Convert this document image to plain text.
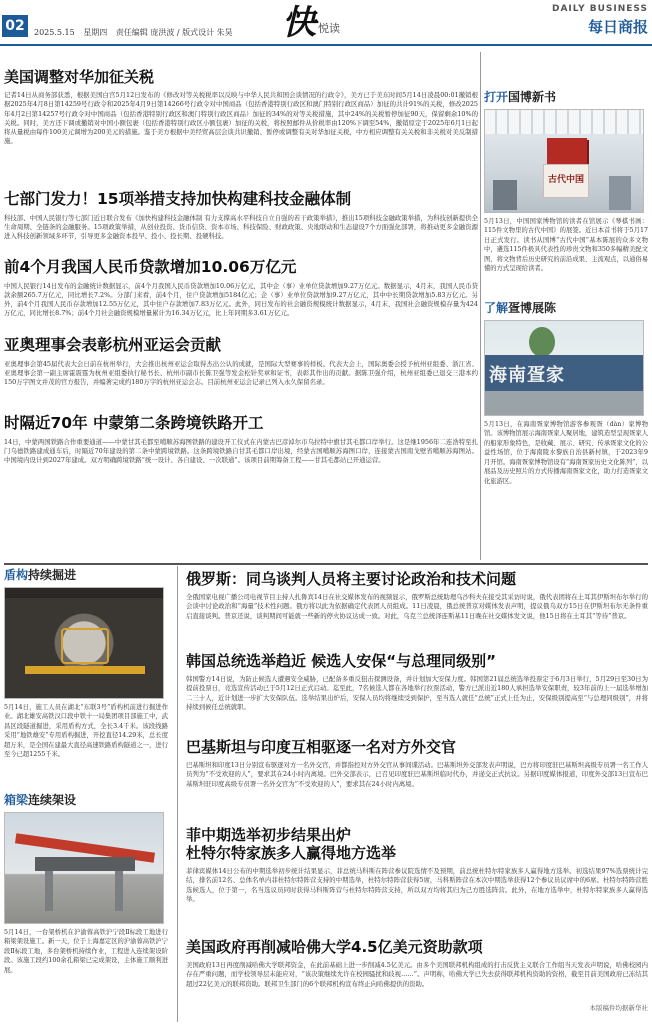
02	2025.5.15 星期四 责任编辑 庞洪波 / 版式设计 朱昊 快 悦读
DAILY BUSINESS
每日商报
美国调整对华加征关税

记者14日从商务部获悉，根据美国白宫5月12日发布的《修改对等关税税率以反映与中华人民共和国会谈情况的行政令》，美方已于美东时间5月14日凌晨00:01撤销根据2025年4月8日第14259号行政令和2025年4月9日第14266号行政令对中国商品（包括香港特别行政区和澳门特别行政区商品）加征的共计91%的关税，修改2025年4月2日第14257号行政令对中国商品（包括香港特别行政区和澳门特别行政区商品）加征的34%的对等关税措施，其中24%的关税暂停加征90天，保留剩余10%的关税。同时，美方还下调或撤销对中国小额包裹（包括香港特别行政区小额包裹）加征的关税，将按照邮件从价税率由120%下调至54%，撤销原定于2025年6月1日起将从量税由每件100美元调增为200美元的措施。鉴于美方根据中美经贸高层会谈共识撤销、暂停或调整有关对华加征关税，中方相应调整有关关税和非关税对美反制措施。

七部门发力！15项举措支持加快构建科技金融体制

科技部、中国人民银行等七部门近日联合发布《加快构建科技金融体制 有力支撑高水平科技自立自强的若干政策举措》，推出15项科技金融政策举措，为科技创新提供全生命周期、全链条的金融服务。15项政策举措，从创业投资、货币信贷、资本市场、科技保险、财政政策、央地联动和生态建设7个方面强化部署，将推动更多金融资源进入科技创新领域多环节，引导更多金融资本投早、投小、投长期、投硬科技。

前4个月我国人民币贷款增加10.06万亿元

中国人民银行14日发布的金融统计数据显示，前4个月我国人民币贷款增加10.06万亿元，其中企（事）业单位贷款增加9.27万亿元。数据显示，4月末，我国人民币贷款余额265.7万亿元，同比增长7.2%。分部门来看，前4个月，住户贷款增加5184亿元；企（事）业单位贷款增加9.27万亿元，其中中长期贷款增加5.83万亿元。另外，前4个月我国人民币存款增加12.55万亿元，其中住户存款增加7.83万亿元。此外，同日发布的社会融资规模统计数据显示，4月末，我国社会融资规模存量为424万亿元，同比增长8.7%；前4个月社会融资规模增量累计为16.34万亿元，比上年同期多3.61万亿元。

亚奥理事会表彰杭州亚运会贡献

亚奥理事会第45届代表大会日前在杭州举行，大会推出杭州亚运会取得杰出公认的成就，是国际大型赛事的样板。代表大会上，国际奥委会授予杭州亚组委、浙江省、亚奥理事会第一副主席霍震霆为杭州亚组委执行秘书长、杭州市副市长陈卫强等发金松针奖章和证书，表彰其作出的贡献。据陈卫强介绍，杭州亚组委已退交三港本约150万字图文并茂的官方报告，并编著完成约180万字的杭州亚运会志。目前杭州亚运会记录已列入永久保留名录。

时隔近70年 中蒙第二条跨境铁路开工

14日，中蒙两国铁路合作重要通道——中蒙甘其毛都至噶顺苏海图铁路的建设开工仪式在内蒙古巴彦淖尔市乌拉特中旗甘其毛都口岸举行。这是继1956年二连浩特至扎门乌德铁路建成通车后，时隔近70年建设的第二条中蒙跨境铁路。这条跨境铁路自甘其毛都口岸出境，经蒙古国噶顺苏海图口岸，连接蒙古国南戈壁省噶顺苏海图站。中国境内设计到2027年建成。双方明确跨境铁路“统一设计、各自建设、一次联通”。该项目前期筹备工程——甘其毛都站已开通运营。

打开国博新书
古代中国

5月13日，中国国家博物馆的读者在馆展示《琴棋书画：115件文物里的古代中国》的展签。近日本首书将于5月17日正式发行。读书从国博“古代中国”基本陈展的众多文物中，遴选115件极具代表性的珍贵文物和350多幅精美配文图，将文物背后历史研究的前沿成果、主流观点，以通俗易懂的方式呈现给读者。

了解疍博展陈
海南疍家

5月13日，在海南疍家博物馆游客参观疍（dàn）家博物馆。该博物馆展示海南疍家人聚居地，建筑造型呈现疍家人的船家形象特色，是收藏、展示、研究、传承疍家文化的公益性场馆，位于海南陵水黎族自治县新村镇，于2023年9月开馆。海南疍家博物馆设有“海南疍家历史文化陈列”，以展品及历史照片的方式传播海南疍家文化，助力打造疍家文化旅游区。

盾构持续掘进

5月14日，施工人员在湖北“东联3号”盾构机前进行掘进作业。湖北雄安高铁汉口段中铁十一局集团项目部施工中，武昌区段隧道掘进，采用盾构方式，全长3.4千米。该段线路采用“地铁雄安”专用盾构掘进，开挖直径14.29米，总长度超万米，是全国在建最大直径高速铁路盾构隧道之一，进行至今已超1255千米。

箱梁连续架设

5月14日，一台架桥机在沪渝蓉高铁沪宁段Ⅱ标段工地进行箱梁架设施工。新一天，位于上海嘉定区的沪渝蓉高铁沪宁段Ⅱ标段工地，多台架桥机持续作业，工程进入连续架设阶段。该施工段约100余孔箱梁已完成架设，主体施工顺利进展。

俄罗斯：同乌谈判人员将主要讨论政治和技术问题

全俄国家电视广播公司电视节目主持人扎鲁宾14日在社交媒体发布的视频显示，俄罗斯总统助理乌沙科夫在接受其采访时说，俄代表团将在土耳其伊斯坦布尔举行的会谈中讨论政治和“海量”技术性问题。俄方将以此为依据确定代表团人员组成。11日凌晨，俄总统普京对媒体发表声明，提议俄乌双方15日在伊斯坦布尔无条件重启直接谈判。普京还说，谈判期间可能就一些新的停火协议达成一致。对此，乌克兰总统泽连斯基11日晚在社交媒体发文说，他15日将在土耳其“等待”普京。

韩国总统选举趋近 候选人安保“与总理同级别”

韩国警方14日说，为防止候选人遭遇安全威胁，已配备多重反狙击探测设备，并计划加大安保力度。韩国第21届总统选举投票定于6月3日举行，5月29日至30日为提前投票日，竞选宣传活动已于5月12日正式启动。迄至此，7名候选人都在各地举行拉票活动，警方已派出近180人承担选举安保职责，较3年前的上一届选举增加二三十人，近计划进一步扩大安保队伍。选举结果出炉后，安保人员均将继续受到保护，至当选人就任“总统”正式上任为止，安保级别提高至“与总理同级别”，并将持续到候任总统就职。

巴基斯坦与印度互相驱逐一名对方外交官

巴基斯坦和印度13日分别宣布驱逐对方一名外交官，并都指控对方外交官从事间谍活动。巴基斯坦外交部发表声明说，巴方将印度驻巴基斯坦高级专员署一名工作人员列为“不受欢迎的人”，要求其在24小时内离境。巴外交部表示，已召见印度驻巴基斯坦临时代办，并递交正式抗议。另据印度媒体报道，印度外交部13日宣布巴基斯坦驻印度高级专员署一名外交官为“不受欢迎的人”，要求其在24小时内离境。

菲中期选举初步结果出炉
杜特尔特家族多人赢得地方选举

菲律宾媒体14日公布的中期选举初步统计结果显示，菲总统马科斯在阵营参议院选情不及预期，前总统杜特尔特家族多人赢得地方选举。初选结果97%选票统计完结，排名前12名、总体名单内菲杜特尔特阵营支持的中期选举，杜特尔特阵营获得5席，马科斯阵营在本次中期选举获得12个参议员议席中的6席。杜特尔特阵营胜选候选人，位于第一，名当选议员同时获得马科斯阵营与杜特尔特阵营支持，所以双方均将其归为己方胜选阵营。此外，在地方选举中，杜特尔特家族多人赢得选举。

美国政府再削减哈佛大学4.5亿美元资助款项

美国政府13日再度削减哈佛大学联邦资金，在此前基础上进一步削减4.5亿美元。由多个美国联邦机构组成的打击反犹主义联合工作组当天发表声明说，哈佛校园内存在严重问题，而学校领导层未能应对，“该决策继续允许在校园骚扰和歧视……”。声明称，哈佛大学已失去获得联邦机构资助的资格，截至目前美国政府已冻结其超过22亿美元的联邦资助。联邦卫生部门的6个联邦机构宣布终止向哈佛提供的资助。

本版稿件均据新华社
